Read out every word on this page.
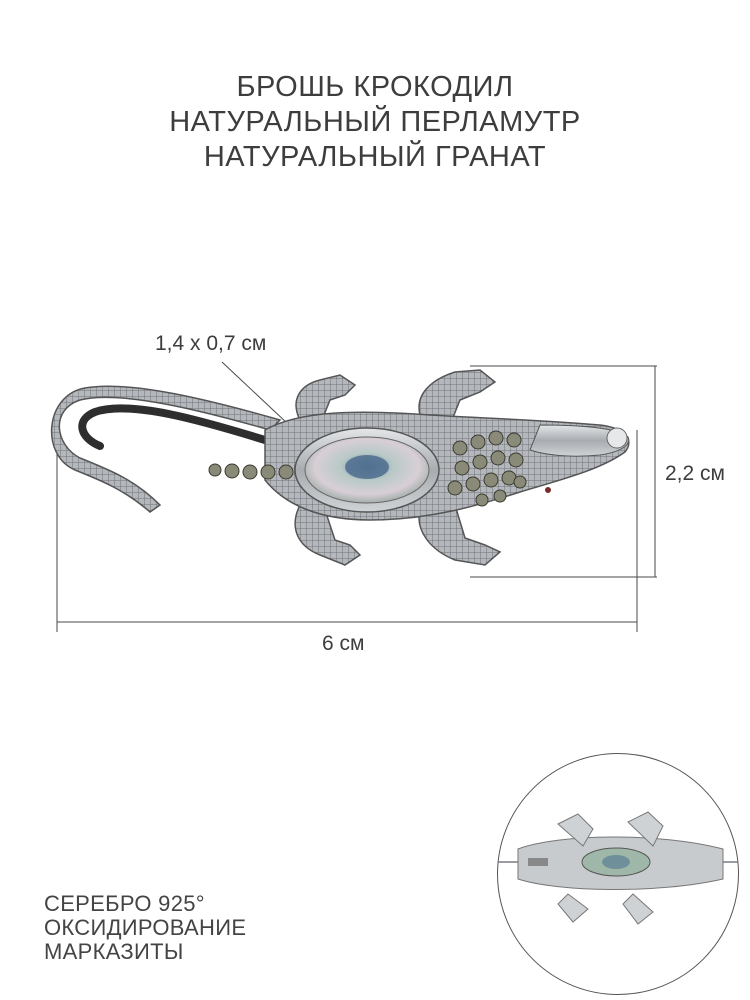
БРОШЬ КРОКОДИЛ
НАТУРАЛЬНЫЙ ПЕРЛАМУТР
НАТУРАЛЬНЫЙ ГРАНАТ
1,4 х 0,7 см
2,2 см
6 см
СЕРЕБРО 925°
ОКСИДИРОВАНИЕ
МАРКАЗИТЫ
